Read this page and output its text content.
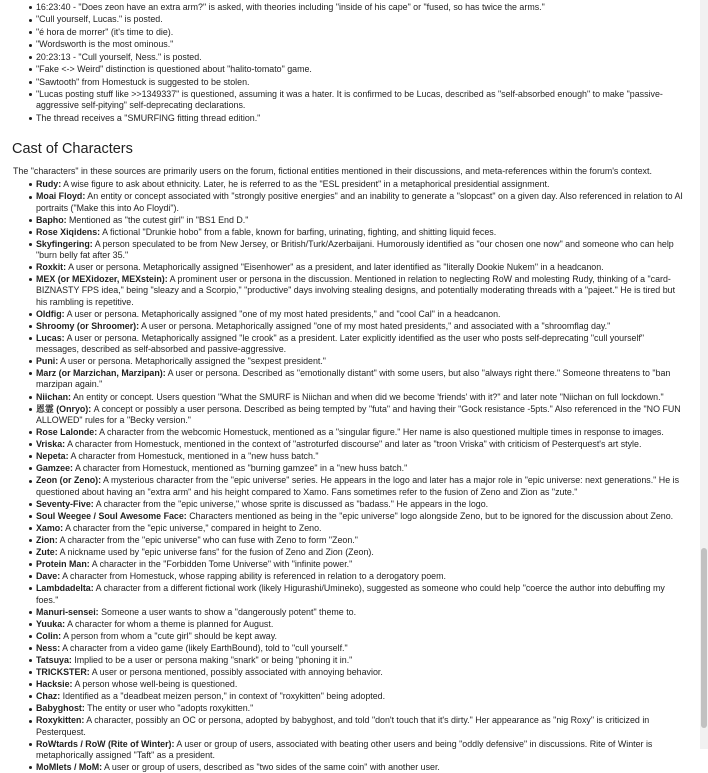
16:23:40 - "Does zeon have an extra arm?" is asked, with theories including "inside of his cape" or "fused, so has twice the arms."
"Cull yourself, Lucas." is posted.
"é hora de morrer" (it's time to die).
"Wordsworth is the most ominous."
20:23:13 - "Cull yourself, Ness." is posted.
"Fake <-> Weird" distinction is questioned about "halito-tomato" game.
"Sawtooth" from Homestuck is suggested to be stolen.
"Lucas posting stuff like >>1349337" is questioned, assuming it was a hater. It is confirmed to be Lucas, described as "self-absorbed enough" to make "passive-aggressive self-pitying" self-deprecating declarations.
The thread receives a "SMURFING fitting thread edition."
Cast of Characters
The "characters" in these sources are primarily users on the forum, fictional entities mentioned in their discussions, and meta-references within the forum's context.
Rudy: A wise figure to ask about ethnicity. Later, he is referred to as the "ESL president" in a metaphorical presidential assignment.
Moai Floyd: An entity or concept associated with "strongly positive energies" and an inability to generate a "slopcast" on a given day. Also referenced in relation to AI portraits ("Make this into Ao Floydi").
Bapho: Mentioned as "the cutest girl" in "BS1 End D."
Rose Xiqidens: A fictional "Drunkie hobo" from a fable, known for barfing, urinating, fighting, and shitting liquid feces.
Skyfingering: A person speculated to be from New Jersey, or British/Turk/Azerbaijani. Humorously identified as "our chosen one now" and someone who can help "burn belly fat after 35."
Roxkit: A user or persona. Metaphorically assigned "Eisenhower" as a president, and later identified as "literally Dookie Nukem" in a headcanon.
MEX (or MEXidozer, MEXstein): A prominent user or persona in the discussion. Mentioned in relation to neglecting RoW and molesting Rudy, thinking of a "card-BIZNASTY FPS idea," being "sleazy and a Scorpio," "productive" days involving stealing designs, and potentially moderating threads with a "pajeet." He is tired but his rambling is repetitive.
Oldfig: A user or persona. Metaphorically assigned "one of my most hated presidents," and "cool Cal" in a headcanon.
Shroomy (or Shroomer): A user or persona. Metaphorically assigned "one of my most hated presidents," and associated with a "shroomflag day."
Lucas: A user or persona. Metaphorically assigned "le crook" as a president. Later explicitly identified as the user who posts self-deprecating "cull yourself" messages, described as self-absorbed and passive-aggressive.
Puni: A user or persona. Metaphorically assigned the "sexpest president."
Marz (or Marzichan, Marzipan): A user or persona. Described as "emotionally distant" with some users, but also "always right there." Someone threatens to "ban marzipan again."
Niichan: An entity or concept. Users question "What the SMURF is Niichan and when did we become 'friends' with it?" and later note "Niichan on full lockdown."
恩霊 (Onryo): A concept or possibly a user persona. Described as being tempted by "futa" and having their "Gock resistance -5pts." Also referenced in the "NO FUN ALLOWED" rules for a "Becky version."
Rose Lalonde: A character from the webcomic Homestuck, mentioned as a "singular figure." Her name is also questioned multiple times in response to images.
Vriska: A character from Homestuck, mentioned in the context of "astroturfed discourse" and later as "troon Vriska" with criticism of Pesterquest's art style.
Nepeta: A character from Homestuck, mentioned in a "new huss batch."
Gamzee: A character from Homestuck, mentioned as "burning gamzee" in a "new huss batch."
Zeon (or Zeno): A mysterious character from the "epic universe" series. He appears in the logo and later has a major role in "epic universe: next generations." He is questioned about having an "extra arm" and his height compared to Xamo. Fans sometimes refer to the fusion of Zeno and Zion as "zute."
Seventy-Five: A character from the "epic universe," whose sprite is discussed as "badass." He appears in the logo.
Soul Weegee / Soul Awesome Face: Characters mentioned as being in the "epic universe" logo alongside Zeno, but to be ignored for the discussion about Zeno.
Xamo: A character from the "epic universe," compared in height to Zeno.
Zion: A character from the "epic universe" who can fuse with Zeno to form "Zeon."
Zute: A nickname used by "epic universe fans" for the fusion of Zeno and Zion (Zeon).
Protein Man: A character in the "Forbidden Tome Universe" with "infinite power."
Dave: A character from Homestuck, whose rapping ability is referenced in relation to a derogatory poem.
Lambdadelta: A character from a different fictional work (likely Higurashi/Umineko), suggested as someone who could help "coerce the author into debuffing my foes."
Manuri-sensei: Someone a user wants to show a "dangerously potent" theme to.
Yuuka: A character for whom a theme is planned for August.
Colin: A person from whom a "cute girl" should be kept away.
Ness: A character from a video game (likely EarthBound), told to "cull yourself."
Tatsuya: Implied to be a user or persona making "snark" or being "phoning it in."
TRICKSTER: A user or persona mentioned, possibly associated with annoying behavior.
Hacksie: A person whose well-being is questioned.
Chaz: Identified as a "deadbeat meizen person," in context of "roxykitten" being adopted.
Babyghost: The entity or user who "adopts roxykitten."
Roxykitten: A character, possibly an OC or persona, adopted by babyghost, and told "don't touch that it's dirty." Her appearance as "nig Roxy" is criticized in Pesterquest.
RoWtards / RoW (Rite of Winter): A user or group of users, associated with beating other users and being "oddly defensive" in discussions. Rite of Winter is metaphorically assigned "Taft" as a president.
MoMlets / MoM: A user or group of users, described as "two sides of the same coin" with another user.
